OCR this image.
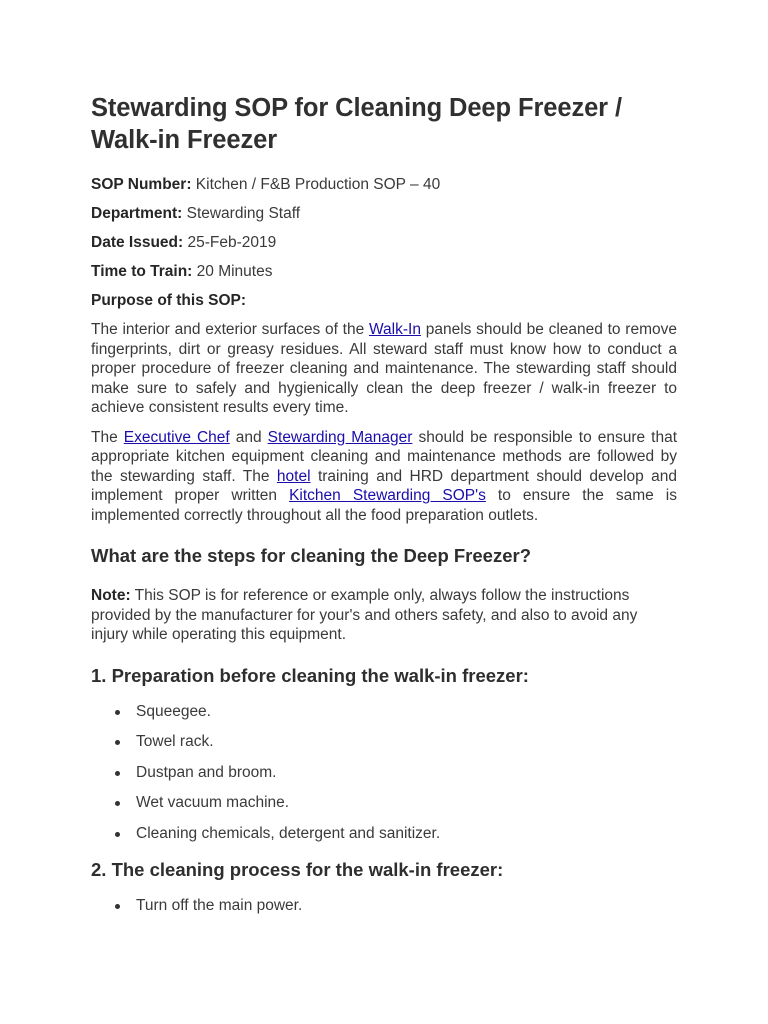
Stewarding SOP for Cleaning Deep Freezer / Walk-in Freezer

SOP Number: Kitchen / F&B Production SOP – 40

Department: Stewarding Staff

Date Issued: 25-Feb-2019

Time to Train: 20 Minutes

Purpose of this SOP:

The interior and exterior surfaces of the Walk-In panels should be cleaned to remove fingerprints, dirt or greasy residues. All steward staff must know how to conduct a proper procedure of freezer cleaning and maintenance. The stewarding staff should make sure to safely and hygienically clean the deep freezer / walk-in freezer to achieve consistent results every time.

The Executive Chef and Stewarding Manager should be responsible to ensure that appropriate kitchen equipment cleaning and maintenance methods are followed by the stewarding staff. The hotel training and HRD department should develop and implement proper written Kitchen Stewarding SOP's to ensure the same is implemented correctly throughout all the food preparation outlets.

What are the steps for cleaning the Deep Freezer?

Note: This SOP is for reference or example only, always follow the instructions provided by the manufacturer for your's and others safety, and also to avoid any injury while operating this equipment.

1. Preparation before cleaning the walk-in freezer:
Squeegee.
Towel rack.
Dustpan and broom.
Wet vacuum machine.
Cleaning chemicals, detergent and sanitizer.
2. The cleaning process for the walk-in freezer:
Turn off the main power.
